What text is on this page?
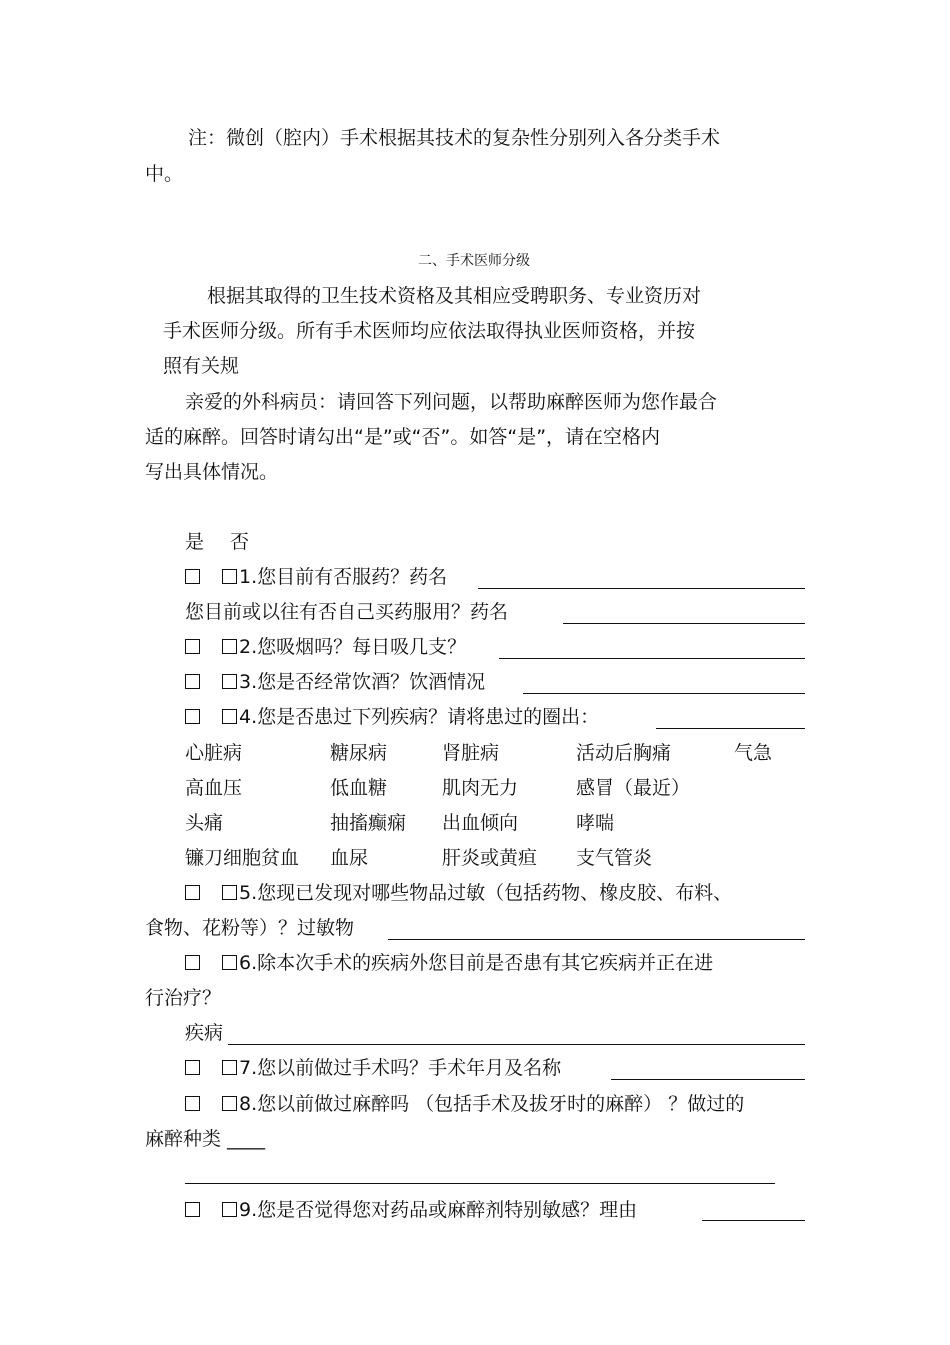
注：微创（腔内）手术根据其技术的复杂性分别列入各分类手术
中。
二、手术医师分级
根据其取得的卫生技术资格及其相应受聘职务、专业资历对
手术医师分级。所有手术医师均应依法取得执业医师资格，并按
照有关规
亲爱的外科病员：请回答下列问题，以帮助麻醉医师为您作最合
适的麻醉。回答时请勾出“是”或“否”。如答“是”，请在空格内
写出具体情况。
是 否
1.您目前有否服药？药名
您目前或以往有否自己买药服用？药名
2.您吸烟吗？每日吸几支？
3.您是否经常饮酒？饮酒情况
4.您是否患过下列疾病？请将患过的圈出：
心脏病	糖尿病	肾脏病	活动后胸痛	气急
高血压	低血糖	肌肉无力	感冒（最近）
头痛	抽搐癫痫 出血倾向	哮喘
镰刀细胞贫血 血尿	肝炎或黄疸 支气管炎
5.您现已发现对哪些物品过敏（包括药物、橡皮胶、布料、
食物、花粉等）？过敏物
6.除本次手术的疾病外您目前是否患有其它疾病并正在进
行治疗？
疾病
7.您以前做过手术吗？手术年月及名称
8.您以前做过麻醉吗 （包括手术及拔牙时的麻醉） ？做过的
麻醉种类 ____
9.您是否觉得您对药品或麻醉剂特别敏感？理由
